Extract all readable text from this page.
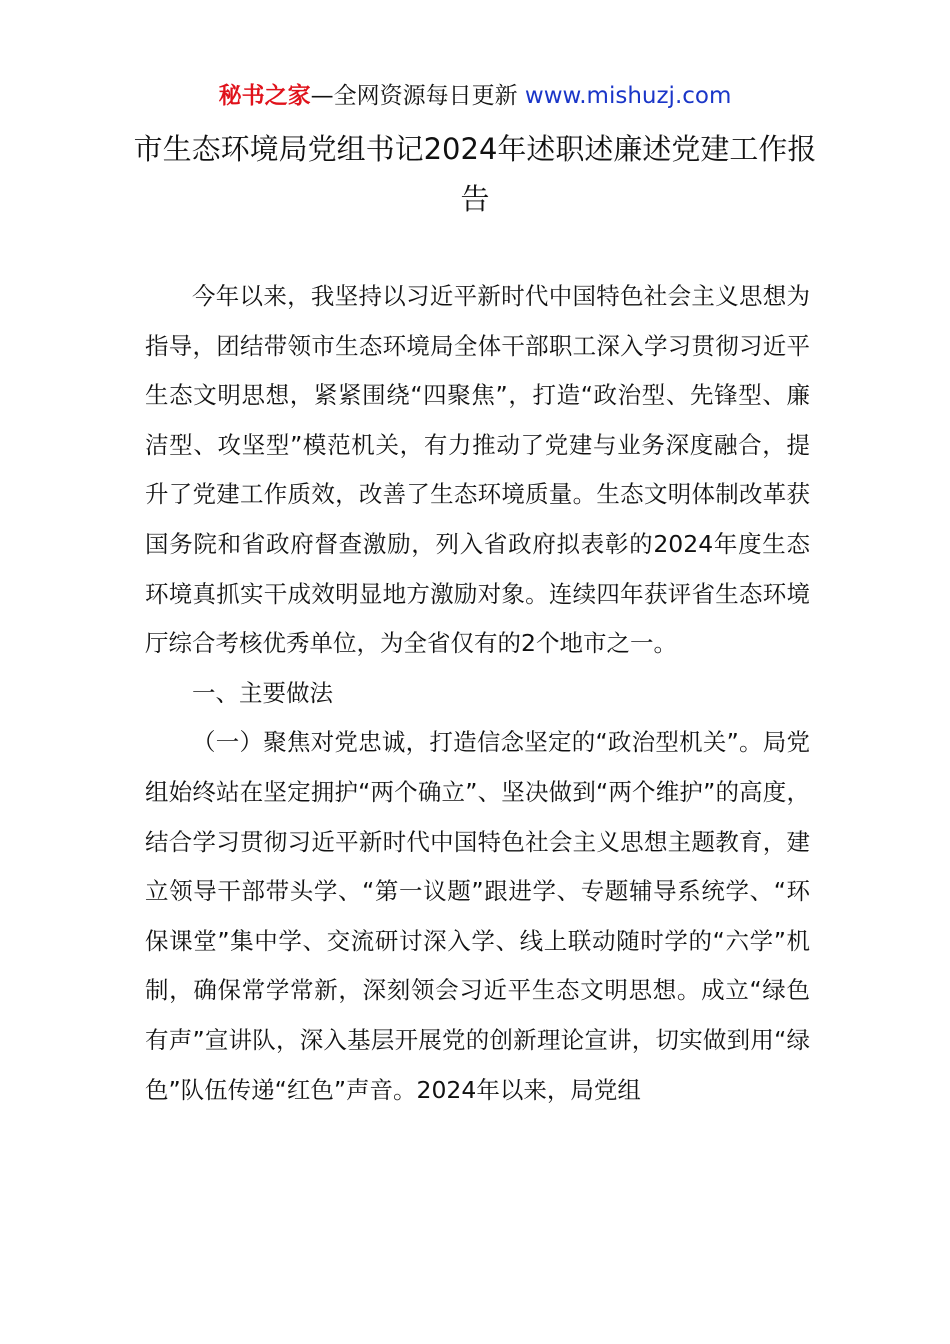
秘书之家—全网资源每日更新 www.mishuzj.com
市生态环境局党组书记2024年述职述廉述党建工作报告

今年以来，我坚持以习近平新时代中国特色社会主义思想为指导，团结带领市生态环境局全体干部职工深入学习贯彻习近平生态文明思想，紧紧围绕“四聚焦”，打造“政治型、先锋型、廉洁型、攻坚型”模范机关，有力推动了党建与业务深度融合，提升了党建工作质效，改善了生态环境质量。生态文明体制改革获国务院和省政府督查激励，列入省政府拟表彰的2024年度生态环境真抓实干成效明显地方激励对象。连续四年获评省生态环境厅综合考核优秀单位，为全省仅有的2个地市之一。

一、主要做法

（一）聚焦对党忠诚，打造信念坚定的“政治型机关”。局党组始终站在坚定拥护“两个确立”、坚决做到“两个维护”的高度，结合学习贯彻习近平新时代中国特色社会主义思想主题教育，建立领导干部带头学、“第一议题”跟进学、专题辅导系统学、“环保课堂”集中学、交流研讨深入学、线上联动随时学的“六学”机制，确保常学常新，深刻领会习近平生态文明思想。成立“绿色有声”宣讲队，深入基层开展党的创新理论宣讲，切实做到用“绿色”队伍传递“红色”声音。2024年以来，局党组
